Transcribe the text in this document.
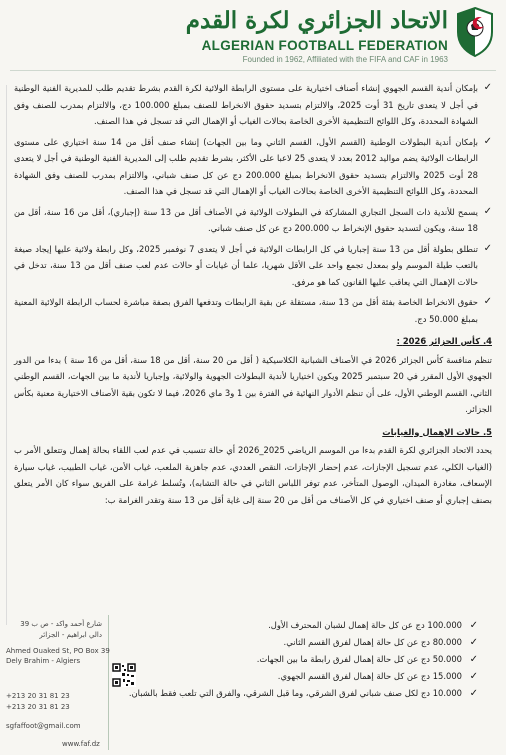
الاتحاد الجزائري لكرة القدم
ALGERIAN FOOTBALL FEDERATION
Founded in 1962, Affiliated with the FIFA and CAF in 1963
✓
بإمكان أندية القسم الجهوي إنشاء أصناف اختيارية على مستوى الرابطة الولائية لكرة القدم بشرط تقديم طلب للمديرية الفنية الوطنية في أجل لا يتعدى تاريخ 31 أوت 2025، والالتزام بتسديد حقوق الانخراط للصنف بمبلغ 100.000 دج، والالتزام بمدرب للصنف وفق الشهادة المحددة، وكل اللوائح التنظيمية الأخرى الخاصة بحالات الغياب أو الإهمال التي قد تسجل في هذا الصنف.
✓
بإمكان أندية البطولات الوطنية (القسم الأول، القسم الثاني وما بين الجهات) إنشاء صنف أقل من 14 سنة اختياري على مستوى الرابطات الولائية يضم مواليد 2012 بعدد لا يتعدى 25 لاعبا على الأكثر، بشرط تقديم طلب إلى المديرية الفنية الوطنية في أجل لا يتعدى 28 أوت 2025 والالتزام بتسديد حقوق الانخراط بمبلغ 200.000 دج عن كل صنف شباني، والالتزام بمدرب للصنف وفق الشهادة المحددة، وكل اللوائح التنظيمية الأخرى الخاصة بحالات الغياب أو الإهمال التي قد تسجل في هذا الصنف.
✓
يسمح للأندية ذات السجل التجاري المشاركة في البطولات الولائية في الأصناف أقل من 13 سنة (إجباري)، أقل من 16 سنة، أقل من 18 سنة، ويكون لتسديد حقوق الإنخراط ب 200.000 دج عن كل صنف شباني.
✓
تنطلق بطولة أقل من 13 سنة إجباريا في كل الرابطات الولائية في أجل لا يتعدى 7 نوفمبر 2025، وكل رابطة ولائية عليها إيجاد صيغة بالتعب طيلة الموسم ولو بمعدل تجمع واحد على الأقل شهريا، علما أن غيابات أو حالات عدم لعب صنف أقل من 13 سنة، تدخل في حالات الإهمال التي يعاقب عليها القانون كما هو مرفق.
✓
حقوق الانخراط الخاصة بفئة أقل من 13 سنة، مستقلة عن بقية الرابطات وتدفعها الفرق بصفة مباشرة لحساب الرابطة الولائية المعنية بمبلغ 50.000 دج.
4. كأس الجزائر 2026 :
تنظم منافسة كأس الجزائر 2026 في الأصناف الشبانية الكلاسيكية ( أقل من 20 سنة، أقل من 18 سنة، أقل من 16 سنة ) بدءا من الدور الجهوي الأول المقرر في 20 سبتمبر 2025 ويكون اختياريا لأندية البطولات الجهوية والولائية، وإجباريا لأندية ما بين الجهات، القسم الوطني الثاني، القسم الوطني الأول، على أن تنظم الأدوار النهائية في الفترة بين 1 و3 ماي 2026، فيما لا تكون بقية الأصناف الاختيارية معنية بكأس الجزائر.
5. حالات الإهمال والغيابات
يحدد الاتحاد الجزائري لكرة القدم بدءا من الموسم الرياضي 2025_2026 أي حالة تتسبب في عدم لعب اللقاء بحالة إهمال وتتعلق الأمر ب (الغياب الكلي، عدم تسجيل الإجازات، عدم إحضار الإجازات، النقص العددي، عدم جاهزية الملعب، غياب الأمن، غياب الطبيب، غياب سيارة الإسعاف، مغادرة الميدان، الوصول المتأخر، عدم توفر اللباس الثاني في حالة التشابه)، وتُسلط غرامة على الفريق سواء كان الأمر يتعلق بصنف إجباري أو صنف اختياري في كل الأصناف من أقل من 20 سنة إلى غاية أقل من 13 سنة وتقدر الغرامة ب:
✓
100.000 دج عن كل حالة إهمال لشبان المحترف الأول.
✓
80.000 دج عن كل حالة إهمال لفرق القسم الثاني.
✓
50.000 دج عن كل حالة إهمال لفرق رابطة ما بين الجهات.
✓
15.000 دج عن كل حالة إهمال لفرق القسم الجهوي.
✓
10.000 دج لكل صنف شباني لفرق الشرقي، وما قبل الشرقي، والفرق التي تلعب فقط بالشبان.
شارع أحمد واكد - ص ب 39
دالي ابراهيم - الجزائر
Ahmed Ouaked St, PO Box 39
Dely Brahim - Algiers
+213 20 31 81 23
+213 20 31 81 23
sgfaffoot@gmail.com
www.faf.dz
